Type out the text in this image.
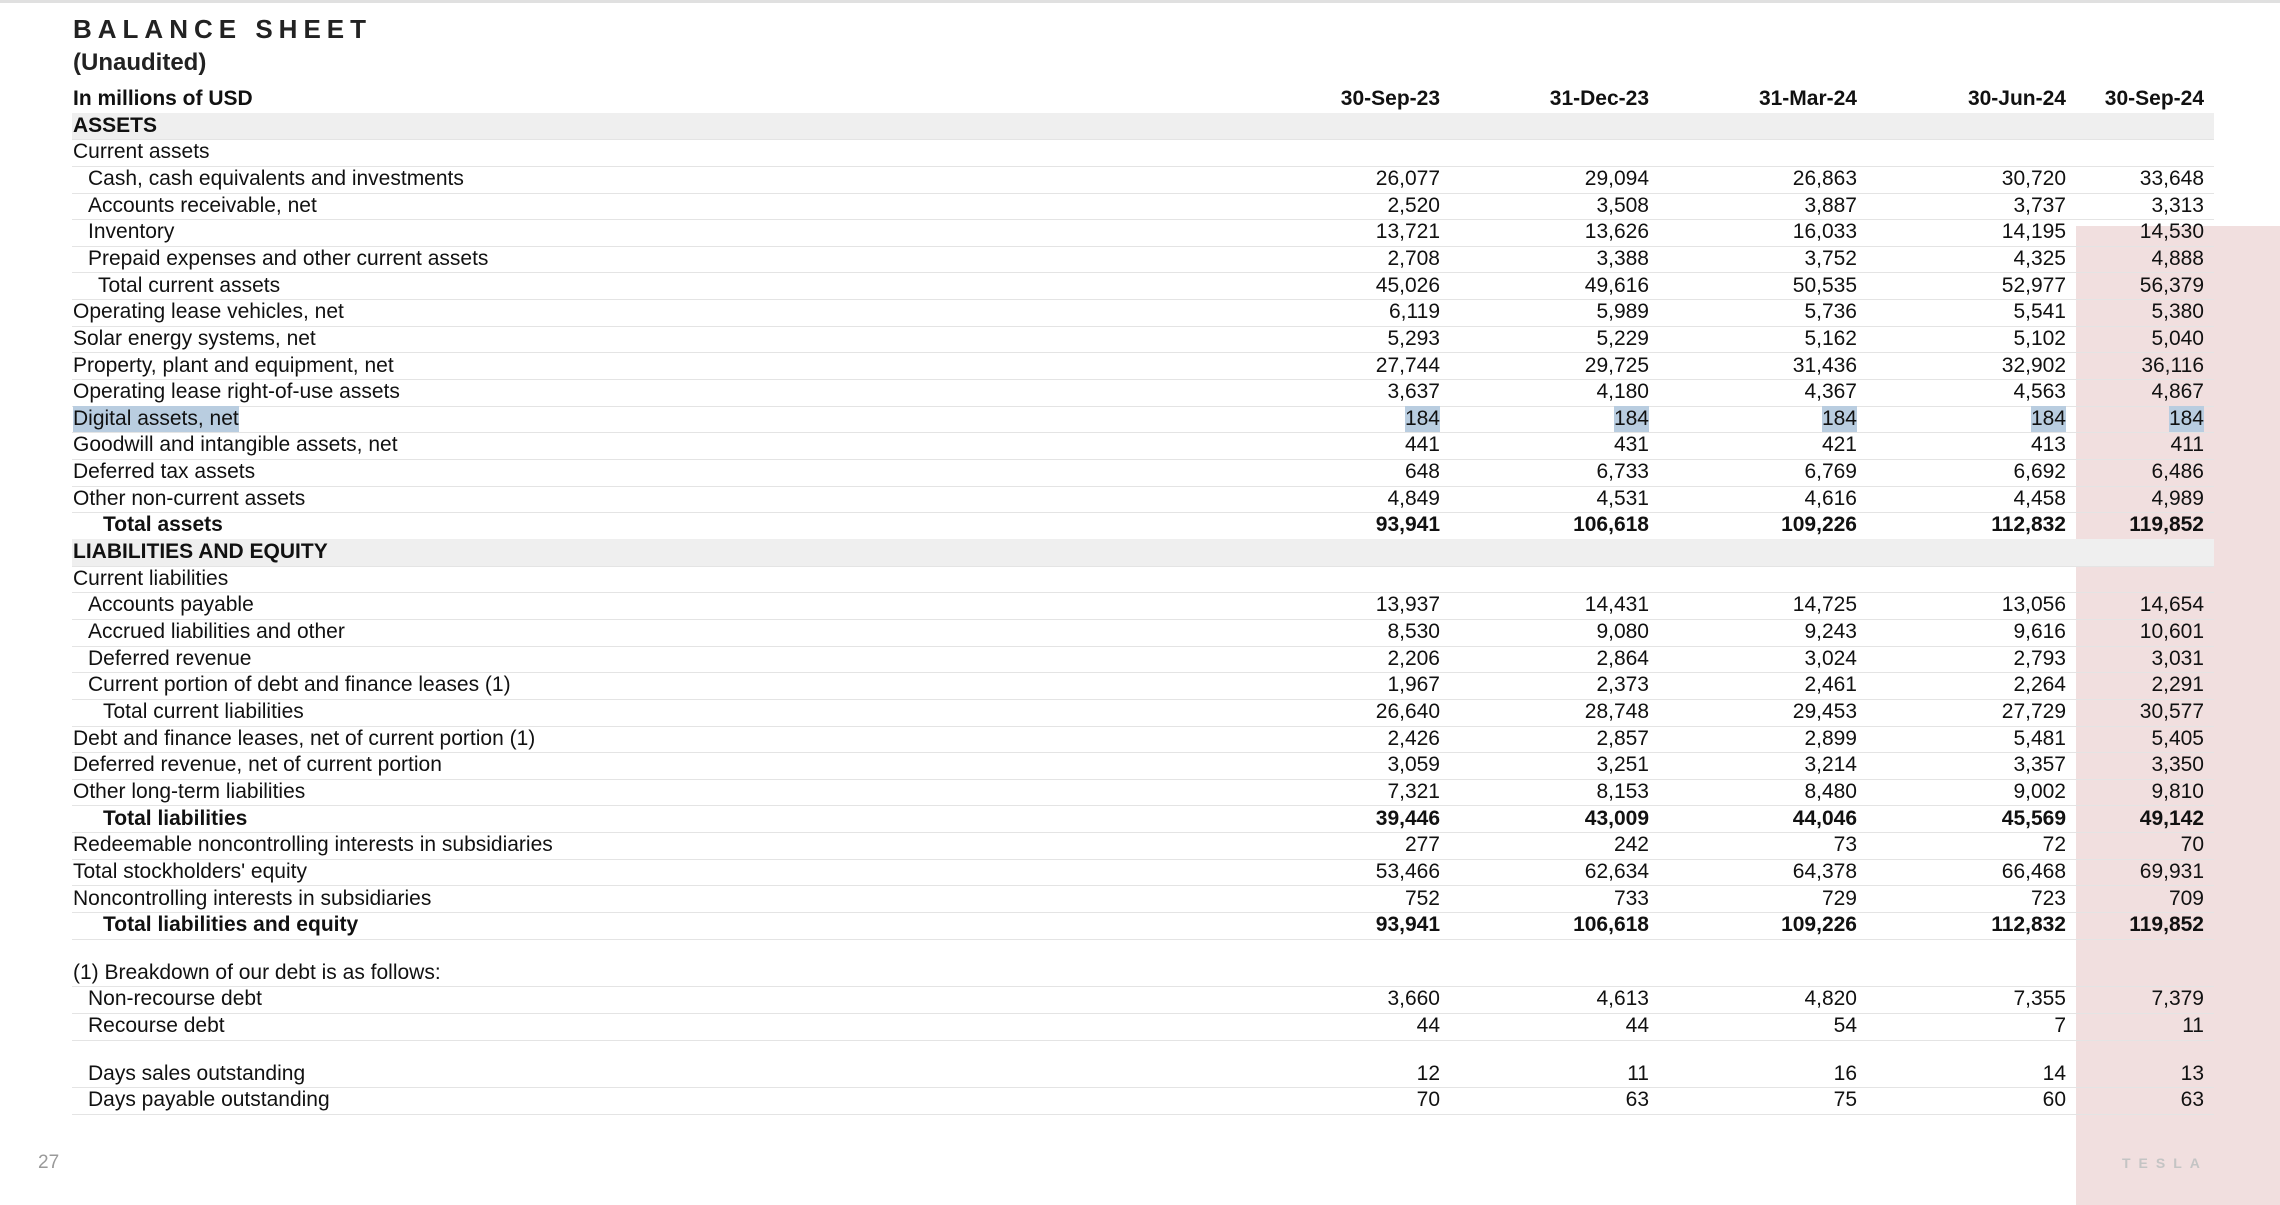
BALANCE SHEET
(Unaudited)
In millions of USD	30-Sep-23	31-Dec-23	31-Mar-24	30-Jun-24 30-Sep-24
ASSETS
Current assets
Cash, cash equivalents and investments	26,077	29,094	26,863	30,720	33,648
Accounts receivable, net	2,520	3,508	3,887	3,737	3,313
Inventory	13,721	13,626	16,033	14,195	14,530
Prepaid expenses and other current assets	2,708	3,388	3,752	4,325	4,888
Total current assets	45,026	49,616	50,535	52,977	56,379
Operating lease vehicles, net	6,119	5,989	5,736	5,541	5,380
Solar energy systems, net	5,293	5,229	5,162	5,102	5,040
Property, plant and equipment, net	27,744	29,725	31,436	32,902	36,116
Operating lease right-of-use assets	3,637	4,180	4,367	4,563	4,867
Digital assets, net	184	184	184	184	184
Goodwill and intangible assets, net	441	431	421	413	411
Deferred tax assets	648	6,733	6,769	6,692	6,486
Other non-current assets	4,849	4,531	4,616	4,458	4,989
Total assets	93,941	106,618	109,226	112,832	119,852
LIABILITIES AND EQUITY
Current liabilities
Accounts payable	13,937	14,431	14,725	13,056	14,654
Accrued liabilities and other	8,530	9,080	9,243	9,616	10,601
Deferred revenue	2,206	2,864	3,024	2,793	3,031
Current portion of debt and finance leases (1)	1,967	2,373	2,461	2,264	2,291
Total current liabilities	26,640	28,748	29,453	27,729	30,577
Debt and finance leases, net of current portion (1)	2,426	2,857	2,899	5,481	5,405
Deferred revenue, net of current portion	3,059	3,251	3,214	3,357	3,350
Other long-term liabilities	7,321	8,153	8,480	9,002	9,810
Total liabilities	39,446	43,009	44,046	45,569	49,142
Redeemable noncontrolling interests in subsidiaries	277	242	73	72	70
Total stockholders' equity	53,466	62,634	64,378	66,468	69,931
Noncontrolling interests in subsidiaries	752	733	729	723	709
Total liabilities and equity	93,941	106,618	109,226	112,832	119,852
(1) Breakdown of our debt is as follows:
Non-recourse debt	3,660	4,613	4,820	7,355	7,379
Recourse debt	44	44	54	7	11
Days sales outstanding	12	11	16	14	13
Days payable outstanding	70	63	75	60	63
27	TESLA
